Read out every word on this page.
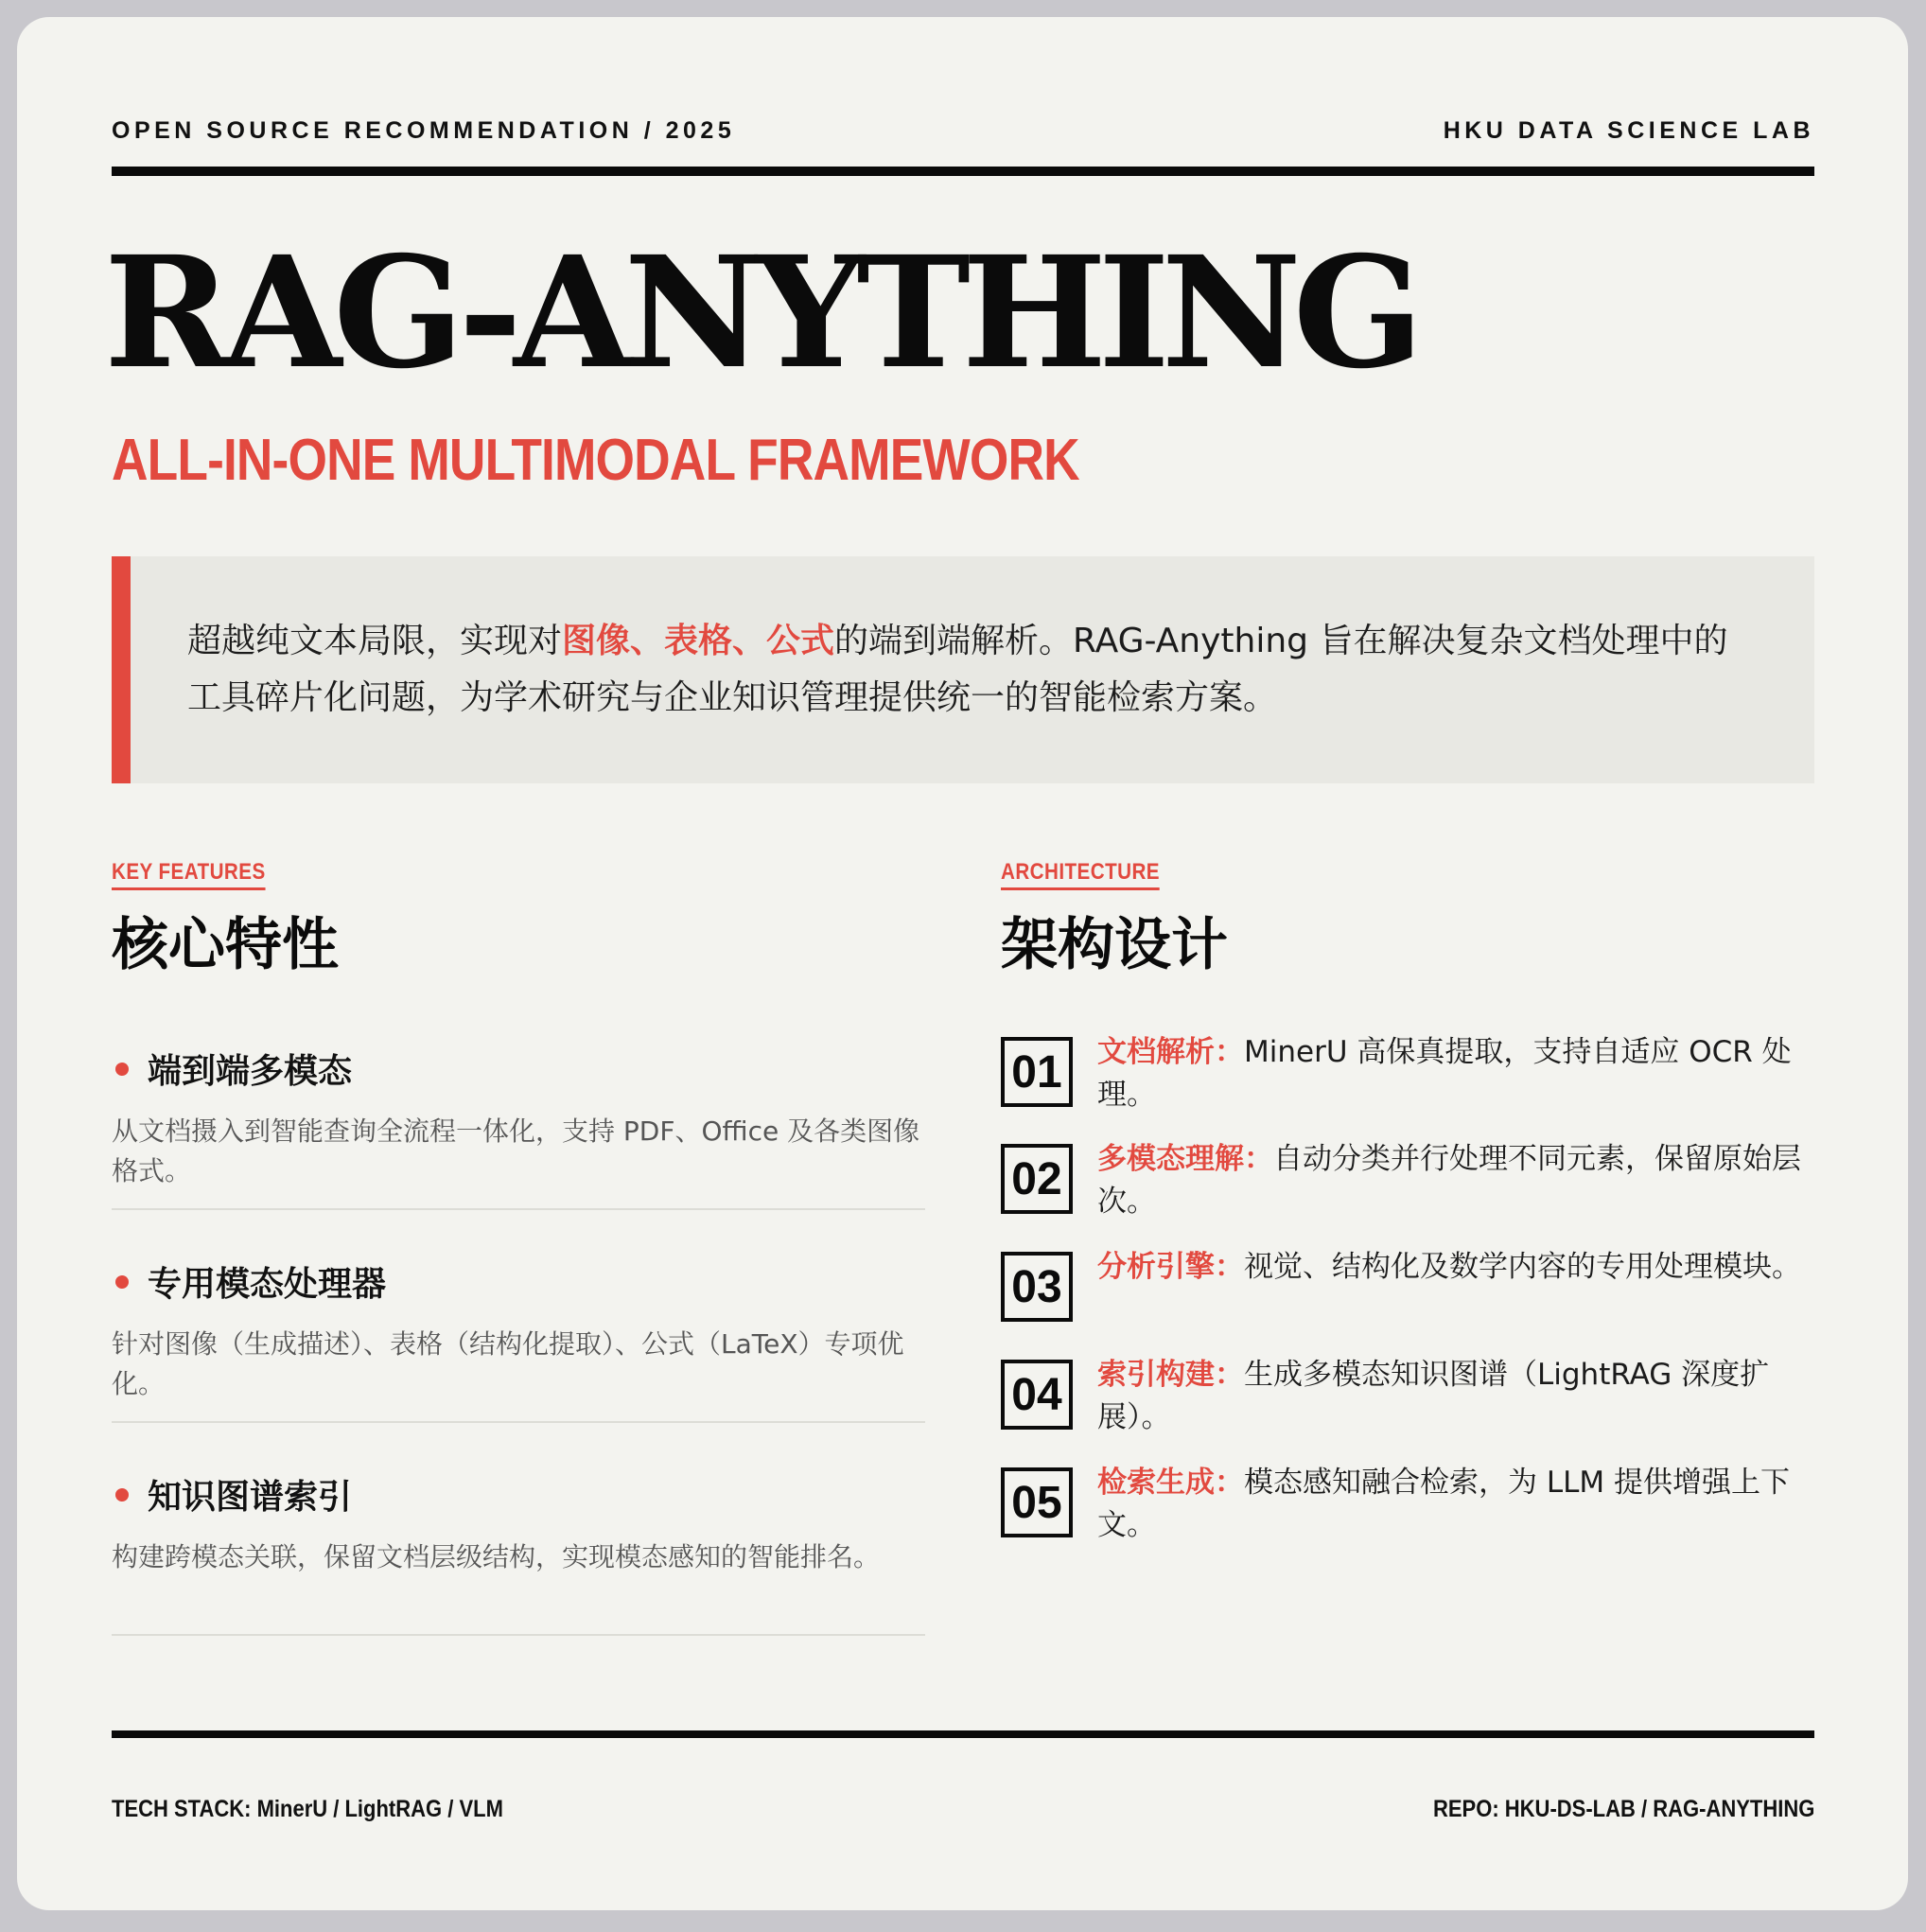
OPEN SOURCE RECOMMENDATION / 2025	HKU DATA SCIENCE LAB
RAG-ANYTHING
ALL-IN-ONE MULTIMODAL FRAMEWORK
超越纯文本局限，实现对图像、表格、公式的端到端解析。RAG-Anything 旨在解决复杂文档处理中的工具碎片化问题，为学术研究与企业知识管理提供统一的智能检索方案。
KEY FEATURES
核心特性
端到端多模态
从文档摄入到智能查询全流程一体化，支持 PDF、Office 及各类图像格式。
专用模态处理器
针对图像（生成描述）、表格（结构化提取）、公式（LaTeX）专项优化。
知识图谱索引
构建跨模态关联，保留文档层级结构，实现模态感知的智能排名。
ARCHITECTURE
架构设计
01	文档解析：MinerU 高保真提取，支持自适应 OCR 处理。
02	多模态理解：自动分类并行处理不同元素，保留原始层次。
03	分析引擎：视觉、结构化及数学内容的专用处理模块。
04	索引构建：生成多模态知识图谱（LightRAG 深度扩展）。
05	检索生成：模态感知融合检索，为 LLM 提供增强上下文。
TECH STACK: MinerU / LightRAG / VLM	REPO: HKU-DS-LAB / RAG-ANYTHING
